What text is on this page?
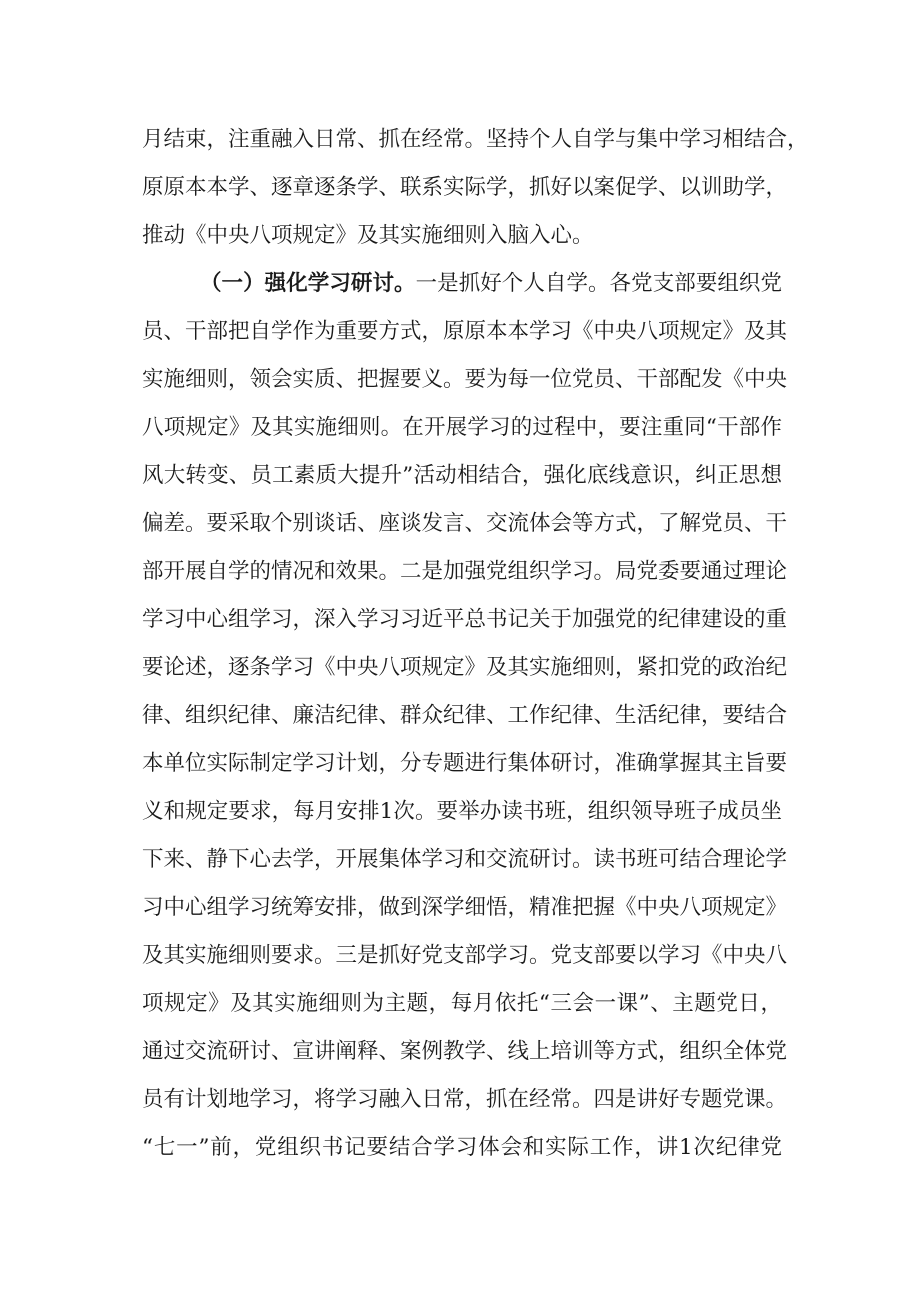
月结束，注重融入日常、抓在经常。坚持个人自学与集中学习相结合，
原原本本学、逐章逐条学、联系实际学，抓好以案促学、以训助学，
推动《中央八项规定》及其实施细则入脑入心。
（一）强化学习研讨。一是抓好个人自学。各党支部要组织党
员、干部把自学作为重要方式，原原本本学习《中央八项规定》及其
实施细则，领会实质、把握要义。要为每一位党员、干部配发《中央
八项规定》及其实施细则。在开展学习的过程中，要注重同“干部作
风大转变、员工素质大提升”活动相结合，强化底线意识，纠正思想
偏差。要采取个别谈话、座谈发言、交流体会等方式，了解党员、干
部开展自学的情况和效果。二是加强党组织学习。局党委要通过理论
学习中心组学习，深入学习习近平总书记关于加强党的纪律建设的重
要论述，逐条学习《中央八项规定》及其实施细则，紧扣党的政治纪
律、组织纪律、廉洁纪律、群众纪律、工作纪律、生活纪律，要结合
本单位实际制定学习计划，分专题进行集体研讨，准确掌握其主旨要
义和规定要求，每月安排1次。要举办读书班，组织领导班子成员坐
下来、静下心去学，开展集体学习和交流研讨。读书班可结合理论学
习中心组学习统筹安排，做到深学细悟，精准把握《中央八项规定》
及其实施细则要求。三是抓好党支部学习。党支部要以学习《中央八
项规定》及其实施细则为主题，每月依托“三会一课”、主题党日，
通过交流研讨、宣讲阐释、案例教学、线上培训等方式，组织全体党
员有计划地学习，将学习融入日常，抓在经常。四是讲好专题党课。
“七一”前，党组织书记要结合学习体会和实际工作，讲1次纪律党
